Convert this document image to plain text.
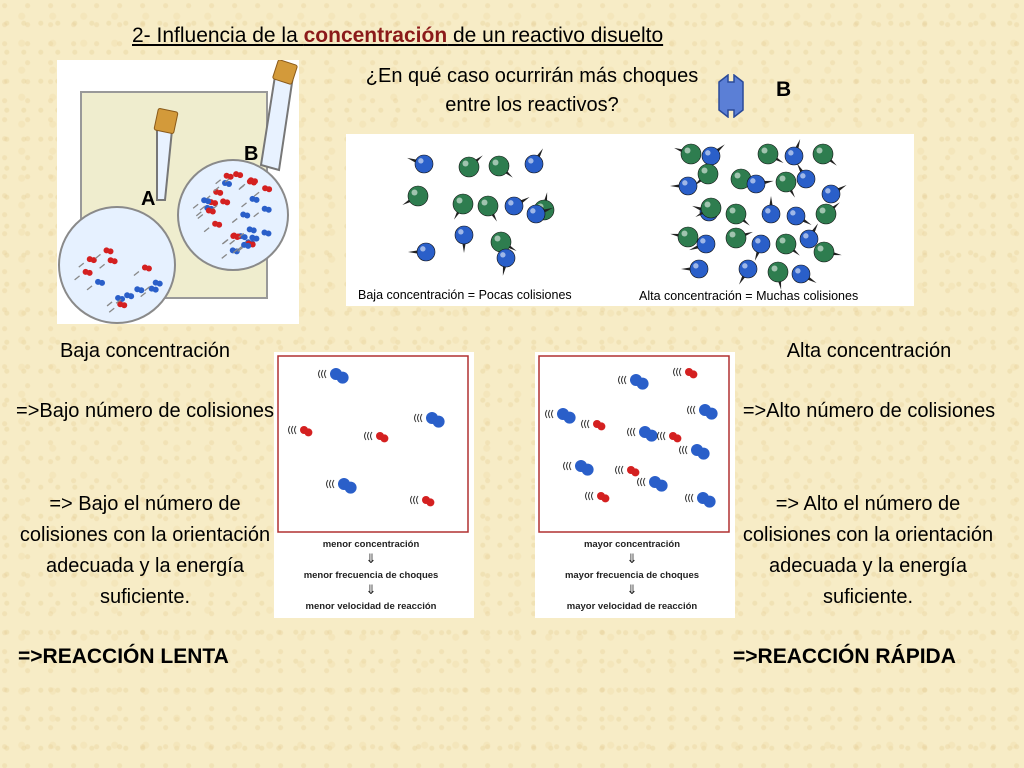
2- Influencia de la concentración de un reactivo disuelto
¿En qué caso ocurrirán más choques entre los reactivos?
B
A
B
Baja concentración = Pocas colisiones	Alta concentración = Muchas colisiones
Baja concentración
=>Bajo número de colisiones
=> Bajo el número de colisiones con la orientación adecuada y la energía suficiente.
=>REACCIÓN LENTA
Alta concentración
=>Alto número de colisiones
=> Alto el número de colisiones con la orientación adecuada y la energía suficiente.
=>REACCIÓN RÁPIDA
menor concentración
⇓
menor frecuencia de choques
⇓
menor velocidad de reacción
mayor concentración
⇓
mayor frecuencia de choques
⇓
mayor velocidad de reacción
